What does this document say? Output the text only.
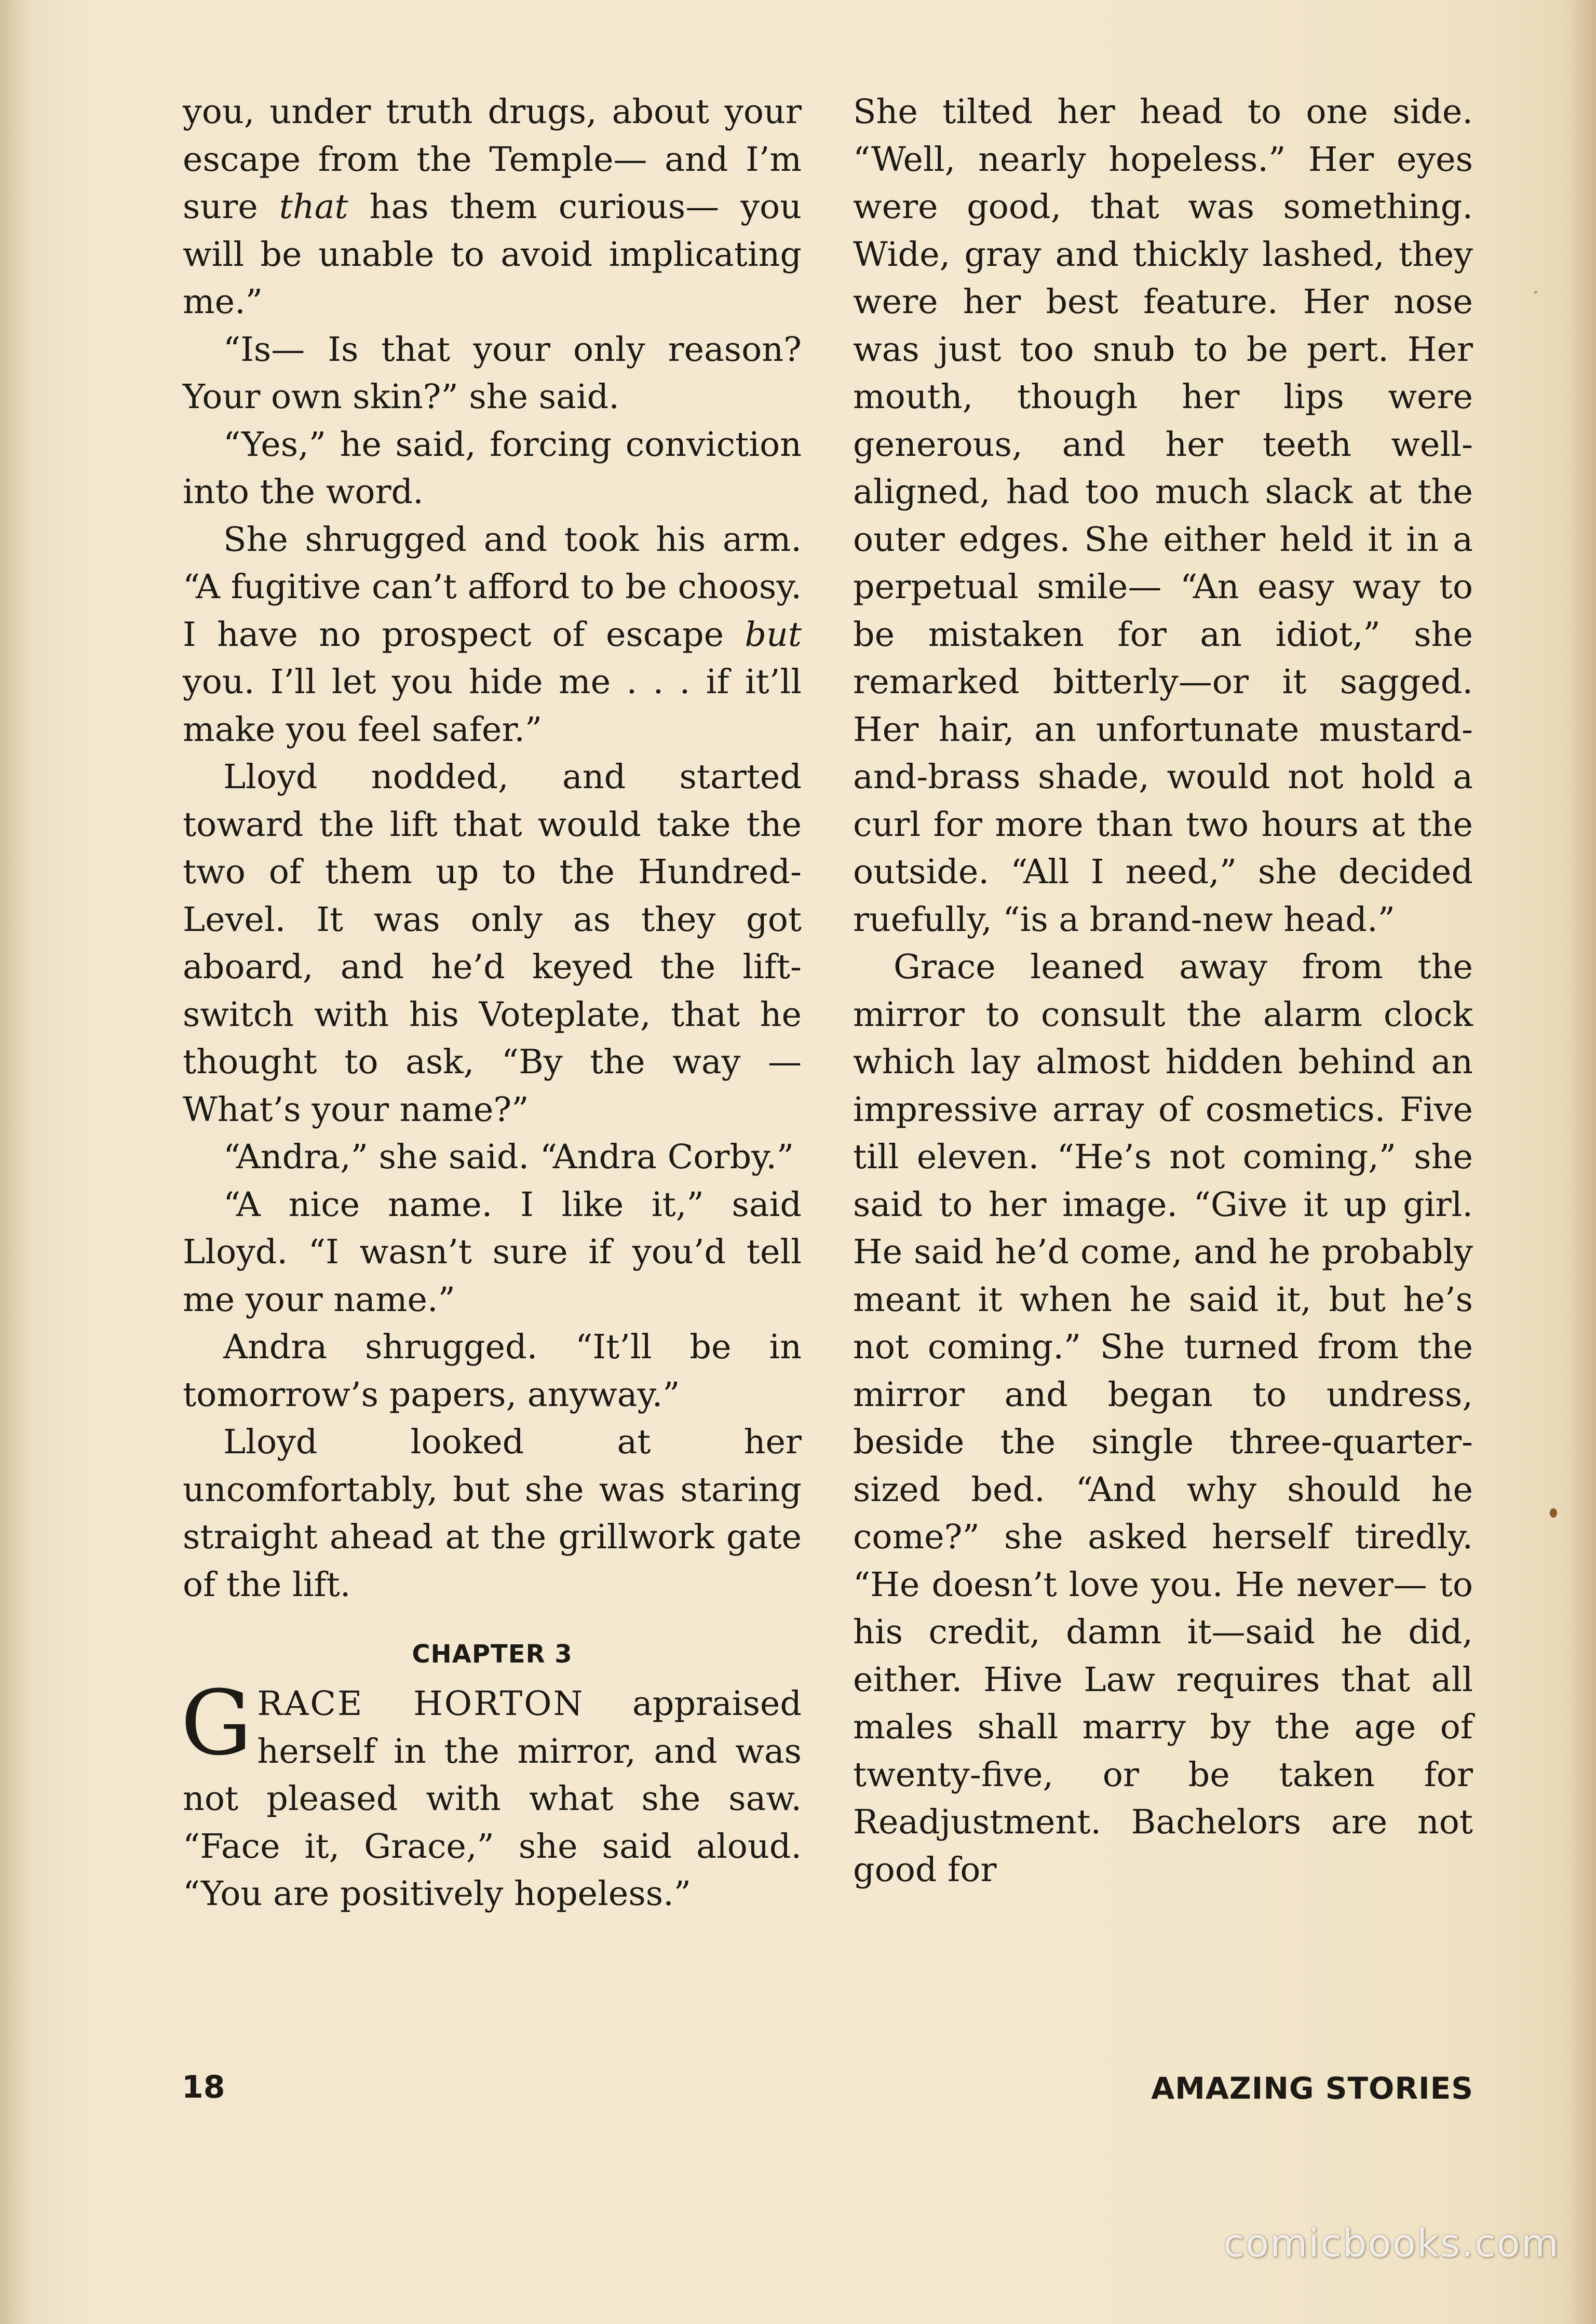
you, under truth drugs, about your escape from the Temple— and I’m sure that has them curious— you will be unable to avoid implicating me.”

“Is— Is that your only reason? Your own skin?” she said.

“Yes,” he said, forcing conviction into the word.

She shrugged and took his arm. “A fugitive can’t afford to be choosy. I have no prospect of escape but you. I’ll let you hide me . . . if it’ll make you feel safer.”

Lloyd nodded, and started toward the lift that would take the two of them up to the Hundred-Level. It was only as they got aboard, and he’d keyed the lift-switch with his Voteplate, that he thought to ask, “By the way — What’s your name?”

“Andra,” she said. “Andra Corby.”

“A nice name. I like it,” said Lloyd. “I wasn’t sure if you’d tell me your name.”

Andra shrugged. “It’ll be in tomorrow’s papers, anyway.”

Lloyd looked at her uncomfortably, but she was staring straight ahead at the grillwork gate of the lift.

CHAPTER 3

GRACE HORTON appraised herself in the mirror, and was not pleased with what she saw. “Face it, Grace,” she said aloud. “You are positively hopeless.”

She tilted her head to one side. “Well, nearly hopeless.” Her eyes were good, that was something. Wide, gray and thickly lashed, they were her best feature. Her nose was just too snub to be pert. Her mouth, though her lips were generous, and her teeth well-aligned, had too much slack at the outer edges. She either held it in a perpetual smile— “An easy way to be mistaken for an idiot,” she remarked bitterly—or it sagged. Her hair, an unfortunate mustard-and-brass shade, would not hold a curl for more than two hours at the outside. “All I need,” she decided ruefully, “is a brand-new head.”

Grace leaned away from the mirror to consult the alarm clock which lay almost hidden behind an impressive array of cosmetics. Five till eleven. “He’s not coming,” she said to her image. “Give it up girl. He said he’d come, and he probably meant it when he said it, but he’s not coming.” She turned from the mirror and began to undress, beside the single three-quarter-sized bed. “And why should he come?” she asked herself tiredly. “He doesn’t love you. He never— to his credit, damn it—said he did, either. Hive Law requires that all males shall marry by the age of twenty-five, or be taken for Readjustment. Bachelors are not good for

18	AMAZING STORIES
comicbooks.com
